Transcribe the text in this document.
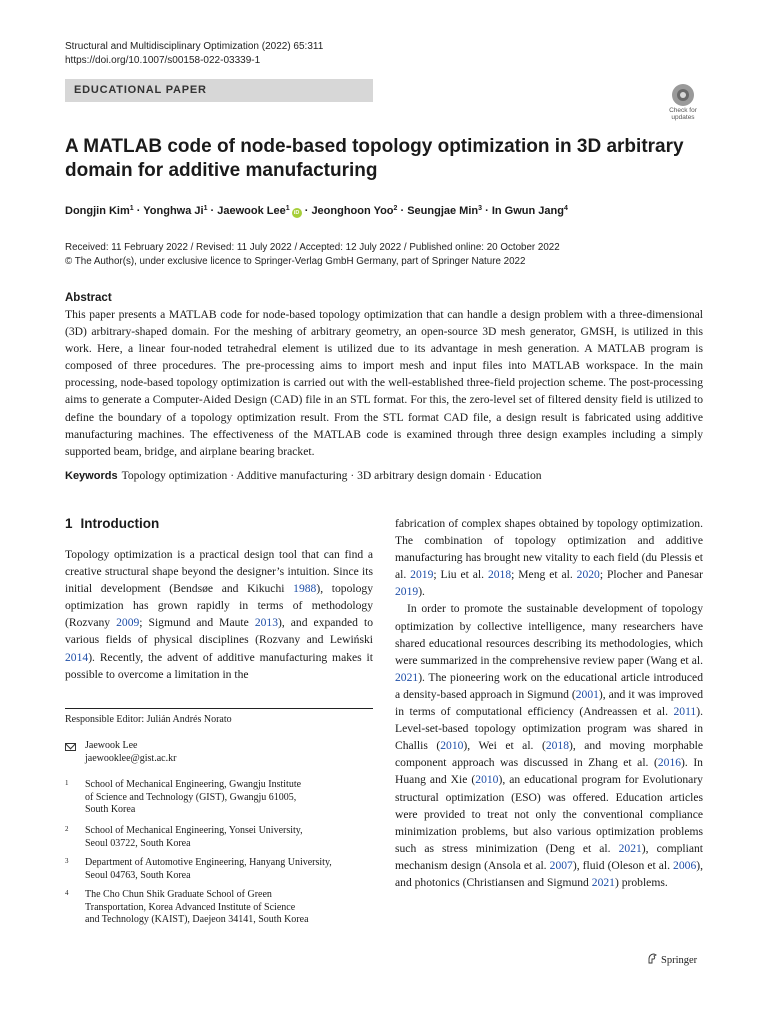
Structural and Multidisciplinary Optimization (2022) 65:311
https://doi.org/10.1007/s00158-022-03339-1
EDUCATIONAL PAPER
Check for updates
A MATLAB code of node-based topology optimization in 3D arbitrary domain for additive manufacturing
Dongjin Kim$^1$ · Yonghwa $Ji^1$ · Jaewook Lee$^1$iD · Jeonghoon Yoo$^2$ · Seungjae Min$^3$ · In Gwun Jang$^4$
Received: 11 February 2022 / Revised: 11 July 2022 / Accepted: 12 July 2022 / Published online: 20 October 2022
© The Author(s), under exclusive licence to Springer-Verlag GmbH Germany, part of Springer Nature 2022
Abstract

This paper presents a MATLAB code for node-based topology optimization that can handle a design problem with a three-dimensional (3D) arbitrary-shaped domain. For the meshing of arbitrary geometry, an open-source 3D mesh generator, GMSH, is utilized in this work. Here, a linear four-noded tetrahedral element is utilized due to its advantage in mesh generation. A MATLAB program is composed of three procedures. The pre-processing aims to import mesh and input files into MATLAB workspace. In the main processing, node-based topology optimization is carried out with the well-established three-field projection scheme. The post-processing aims to generate a Computer-Aided Design (CAD) file in an STL format. For this, the zero-level set of filtered density field is utilized to define the boundary of a topology optimization result. From the STL format CAD file, a design result is fabricated using additive manufacturing machines. The effectiveness of the MATLAB code is examined through three design examples including a simply supported beam, bridge, and airplane bearing bracket.

Keywords Topology optimization · Additive manufacturing · 3D arbitrary design domain · Education
1 Introduction

Topology optimization is a practical design tool that can find a creative structural shape beyond the designer’s intuition. Since its initial development (Bendsøe and Kikuchi 1988), topology optimization has grown rapidly in terms of methodology (Rozvany 2009; Sigmund and Maute 2013), and expanded to various fields of physical disciplines (Rozvany and Lewiński 2014). Recently, the advent of additive manufacturing makes it possible to overcome a limitation in the

fabrication of complex shapes obtained by topology optimization. The combination of topology optimization and additive manufacturing has brought new vitality to each field (du Plessis et al. 2019; Liu et al. 2018; Meng et al. 2020; Plocher and Panesar 2019).

In order to promote the sustainable development of topology optimization by collective intelligence, many researchers have shared educational resources describing its methodologies, which were summarized in the comprehensive review paper (Wang et al. 2021). The pioneering work on the educational article introduced a density-based approach in Sigmund (2001), and it was improved in terms of computational efficiency (Andreassen et al. 2011). Level-set-based topology optimization program was shared in Challis (2010), Wei et al. (2018), and moving morphable component approach was discussed in Zhang et al. (2016). In Huang and Xie (2010), an educational program for Evolutionary structural optimization (ESO) was offered. Education articles were provided to treat not only the conventional compliance minimization problems, but also various optimization problems such as stress minimization (Deng et al. 2021), compliant mechanism design (Ansola et al. 2007), fluid (Oleson et al. 2006), and photonics (Christiansen and Sigmund 2021) problems.

Responsible Editor: Julián Andrés Norato
Jaewook Lee
jaewooklee@gist.ac.kr
1 School of Mechanical Engineering, Gwangju Institute
of Science and Technology (GIST), Gwangju 61005,
South Korea
2 School of Mechanical Engineering, Yonsei University,
Seoul 03722, South Korea
3 Department of Automotive Engineering, Hanyang University,
Seoul 04763, South Korea
4 The Cho Chun Shik Graduate School of Green
Transportation, Korea Advanced Institute of Science
and Technology (KAIST), Daejeon 34141, South Korea
Springer
